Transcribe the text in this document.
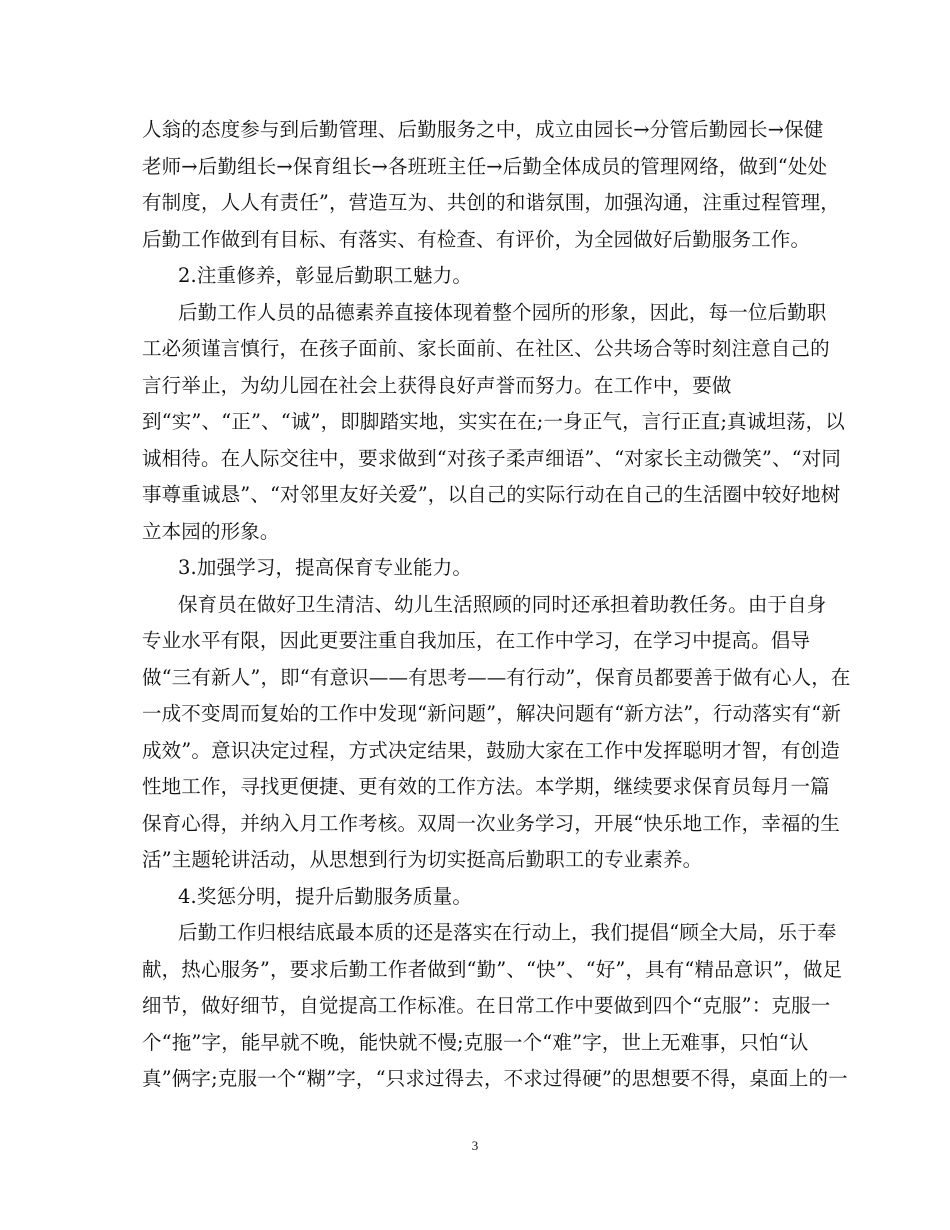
人翁的态度参与到后勤管理、后勤服务之中，成立由园长→分管后勤园长→保健
老师→后勤组长→保育组长→各班班主任→后勤全体成员的管理网络，做到“处处
有制度，人人有责任”，营造互为、共创的和谐氛围，加强沟通，注重过程管理，
后勤工作做到有目标、有落实、有检查、有评价，为全园做好后勤服务工作。
2.注重修养，彰显后勤职工魅力。
后勤工作人员的品德素养直接体现着整个园所的形象，因此，每一位后勤职
工必须谨言慎行，在孩子面前、家长面前、在社区、公共场合等时刻注意自己的
言行举止，为幼儿园在社会上获得良好声誉而努力。在工作中，要做
到“实”、“正”、“诚”，即脚踏实地，实实在在;一身正气，言行正直;真诚坦荡，以
诚相待。在人际交往中，要求做到“对孩子柔声细语”、“对家长主动微笑”、“对同
事尊重诚恳”、“对邻里友好关爱”，以自己的实际行动在自己的生活圈中较好地树
立本园的形象。
3.加强学习，提高保育专业能力。
保育员在做好卫生清洁、幼儿生活照顾的同时还承担着助教任务。由于自身
专业水平有限，因此更要注重自我加压，在工作中学习，在学习中提高。倡导
做“三有新人”，即“有意识——有思考——有行动”，保育员都要善于做有心人，在
一成不变周而复始的工作中发现“新问题”，解决问题有“新方法”，行动落实有“新
成效”。意识决定过程，方式决定结果，鼓励大家在工作中发挥聪明才智，有创造
性地工作，寻找更便捷、更有效的工作方法。本学期，继续要求保育员每月一篇
保育心得，并纳入月工作考核。双周一次业务学习，开展“快乐地工作，幸福的生
活”主题轮讲活动，从思想到行为切实挺高后勤职工的专业素养。
4.奖惩分明，提升后勤服务质量。
后勤工作归根结底最本质的还是落实在行动上，我们提倡“顾全大局，乐于奉
献，热心服务”，要求后勤工作者做到“勤”、“快”、“好”，具有“精品意识”，做足
细节，做好细节，自觉提高工作标准。在日常工作中要做到四个“克服”：克服一
个“拖”字，能早就不晚，能快就不慢;克服一个“难”字，世上无难事，只怕“认
真”俩字;克服一个“糊”字，“只求过得去，不求过得硬”的思想要不得，桌面上的一
3
